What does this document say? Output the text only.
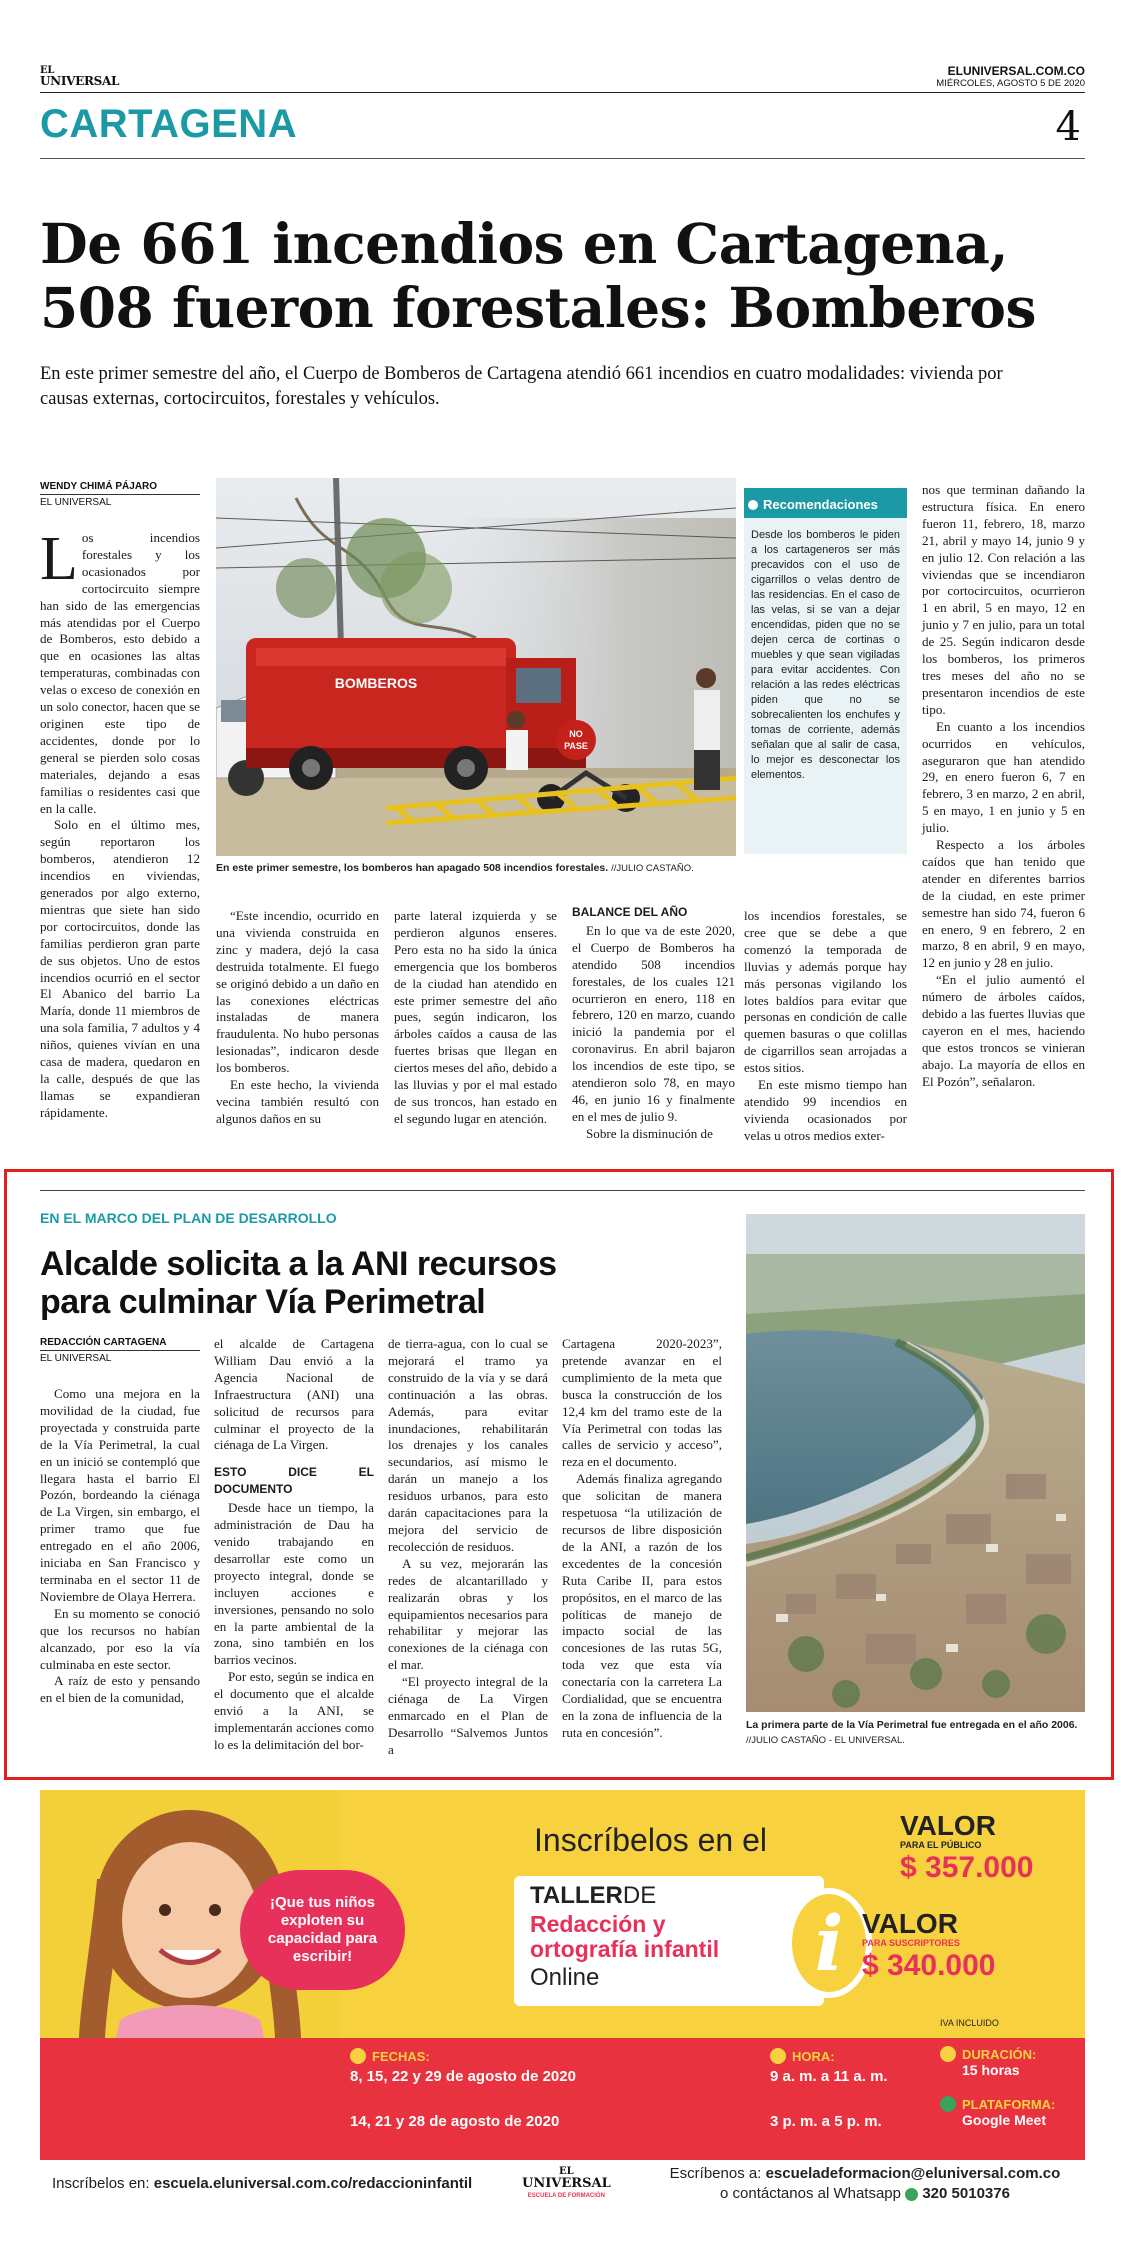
EL
UNIVERSAL
ELUNIVERSAL.COM.CO
MIÉRCOLES, AGOSTO 5 DE 2020
CARTAGENA	4
De 661 incendios en Cartagena,
508 fueron forestales: Bomberos
En este primer semestre del año, el Cuerpo de Bomberos de Cartagena atendió 661 incendios en cuatro modalidades: vivienda por causas externas, cortocircuitos, forestales y vehículos.
WENDY CHIMÁ PÁJARO
EL UNIVERSAL

Los incendios forestales y los ocasionados por cortocircuito siempre han sido de las emergencias más atendidas por el Cuerpo de Bomberos, esto debido a que en ocasiones las altas temperaturas, combinadas con velas o exceso de conexión en un solo conector, hacen que se originen este tipo de accidentes, donde por lo general se pierden solo cosas materiales, dejando a esas familias o residentes casi que en la calle.

Solo en el último mes, según reportaron los bomberos, atendieron 12 incendios en viviendas, generados por algo externo, mientras que siete han sido por cortocircuitos, donde las familias perdieron gran parte de sus objetos. Uno de estos incendios ocurrió en el sector El Abanico del barrio La María, donde 11 miembros de una sola familia, 7 adultos y 4 niños, quienes vivían en una casa de madera, quedaron en la calle, después de que las llamas se expandieran rápidamente.

BOMBEROS
NO
PASE
En este primer semestre, los bomberos han apagado 508 incendios forestales. //JULIO CASTAÑO.
Recomendaciones
Desde los bomberos le piden a los cartageneros ser más precavidos con el uso de cigarrillos o velas dentro de las residencias. En el caso de las velas, si se van a dejar encendidas, piden que no se dejen cerca de cortinas o muebles y que sean vigiladas para evitar accidentes. Con relación a las redes eléctricas piden que no se sobrecalienten los enchufes y tomas de corriente, además señalan que al salir de casa, lo mejor es desconectar los elementos.

nos que terminan dañando la estructura física. En enero fueron 11, febrero, 18, marzo 21, abril y mayo 14, junio 9 y en julio 12. Con relación a las viviendas que se incendiaron por cortocircuitos, ocurrieron 1 en abril, 5 en mayo, 12 en junio y 7 en julio, para un total de 25. Según indicaron desde los bomberos, los primeros tres meses del año no se presentaron incendios de este tipo.

En cuanto a los incendios ocurridos en vehículos, aseguraron que han atendido 29, en enero fueron 6, 7 en febrero, 3 en marzo, 2 en abril, 5 en mayo, 1 en junio y 5 en julio.

Respecto a los árboles caídos que han tenido que atender en diferentes barrios de la ciudad, en este primer semestre han sido 74, fueron 6 en enero, 9 en febrero, 2 en marzo, 8 en abril, 9 en mayo, 12 en junio y 28 en julio.

“En el julio aumentó el número de árboles caídos, debido a las fuertes lluvias que cayeron en el mes, haciendo que estos troncos se vinieran abajo. La mayoría de ellos en El Pozón”, señalaron.

“Este incendio, ocurrido en una vivienda construida en zinc y madera, dejó la casa destruida totalmente. El fuego se originó debido a un daño en las conexiones eléctricas instaladas de manera fraudulenta. No hubo personas lesionadas”, indicaron desde los bomberos.

En este hecho, la vivienda vecina también resultó con algunos daños en su

parte lateral izquierda y se perdieron algunos enseres. Pero esta no ha sido la única emergencia que los bomberos de la ciudad han atendido en este primer semestre del año pues, según indicaron, los árboles caídos a causa de las fuertes brisas que llegan en ciertos meses del año, debido a las lluvias y por el mal estado de sus troncos, han estado en el segundo lugar en atención.

BALANCE DEL AÑO

En lo que va de este 2020, el Cuerpo de Bomberos ha atendido 508 incendios forestales, de los cuales 121 ocurrieron en enero, 118 en febrero, 120 en marzo, cuando inició la pandemia por el coronavirus. En abril bajaron los incendios de este tipo, se atendieron solo 78, en mayo 46, en junio 16 y finalmente en el mes de julio 9.

Sobre la disminución de

los incendios forestales, se cree que se debe a que comenzó la temporada de lluvias y además porque hay más personas vigilando los lotes baldíos para evitar que personas en condición de calle quemen basuras o que colillas de cigarrillos sean arrojadas a estos sitios.

En este mismo tiempo han atendido 99 incendios en vivienda ocasionados por velas u otros medios exter-

EN EL MARCO DEL PLAN DE DESARROLLO
Alcalde solicita a la ANI recursos
para culminar Vía Perimetral
REDACCIÓN CARTAGENA
EL UNIVERSAL

Como una mejora en la movilidad de la ciudad, fue proyectada y construida parte de la Vía Perimetral, la cual en un inició se contempló que llegara hasta el barrio El Pozón, bordeando la ciénaga de La Virgen, sin embargo, el primer tramo que fue entregado en el año 2006, iniciaba en San Francisco y terminaba en el sector 11 de Noviembre de Olaya Herrera.

En su momento se conoció que los recursos no habían alcanzado, por eso la vía culminaba en este sector.

A raíz de esto y pensando en el bien de la comunidad,

el alcalde de Cartagena William Dau envió a la Agencia Nacional de Infraestructura (ANI) una solicitud de recursos para culminar el proyecto de la ciénaga de La Virgen.

ESTO DICE EL DOCUMENTO

Desde hace un tiempo, la administración de Dau ha venido trabajando en desarrollar este como un proyecto integral, donde se incluyen acciones e inversiones, pensando no solo en la parte ambiental de la zona, sino también en los barrios vecinos.

Por esto, según se indica en el documento que el alcalde envió a la ANI, se implementarán acciones como lo es la delimitación del bor-

de tierra-agua, con lo cual se mejorará el tramo ya construido de la vía y se dará continuación a las obras. Además, para evitar inundaciones, rehabilitarán los drenajes y los canales secundarios, así mismo le darán un manejo a los residuos urbanos, para esto darán capacitaciones para la mejora del servicio de recolección de residuos.

A su vez, mejorarán las redes de alcantarillado y realizarán obras y los equipamientos necesarios para rehabilitar y mejorar las conexiones de la ciénaga con el mar.

“El proyecto integral de la ciénaga de La Virgen enmarcado en el Plan de Desarrollo “Salvemos Juntos a

Cartagena 2020-2023”, pretende avanzar en el cumplimiento de la meta que busca la construcción de los 12,4 km del tramo este de la Vía Perimetral con todas las calles de servicio y acceso”, reza en el documento.

Además finaliza agregando que solicitan de manera respetuosa “la utilización de recursos de libre disposición de la ANI, a razón de los excedentes de la concesión Ruta Caribe II, para estos propósitos, en el marco de las políticas de manejo de impacto social de las concesiones de las rutas 5G, toda vez que esta vía conectaría con la carretera La Cordialidad, que se encuentra en la zona de influencia de la ruta en concesión”.	La primera parte de la Vía Perimetral fue entregada en el año 2006. //JULIO CASTAÑO - EL UNIVERSAL.
¡Que tus niños exploten su capacidad para escribir!
Inscríbelos en el
TALLERDE
Redacción y
ortografía infantil
Online	i
VALOR
PARA EL PÚBLICO
$ 357.000
VALOR
PARA SUSCRIPTORES
$ 340.000
IVA INCLUIDO
FECHAS:
8, 15, 22 y 29 de agosto de 2020
14, 21 y 28 de agosto de 2020
HORA:
9 a. m. a 11 a. m.
3 p. m. a 5 p. m.
DURACIÓN:
15 horas
PLATAFORMA:
Google Meet
Inscríbelos en: escuela.eluniversal.com.co/redaccioninfantil
EL
UNIVERSAL
ESCUELA DE FORMACIÓN
Escríbenos a: escueladeformacion@eluniversal.com.co
o contáctanos al Whatsapp 320 5010376
